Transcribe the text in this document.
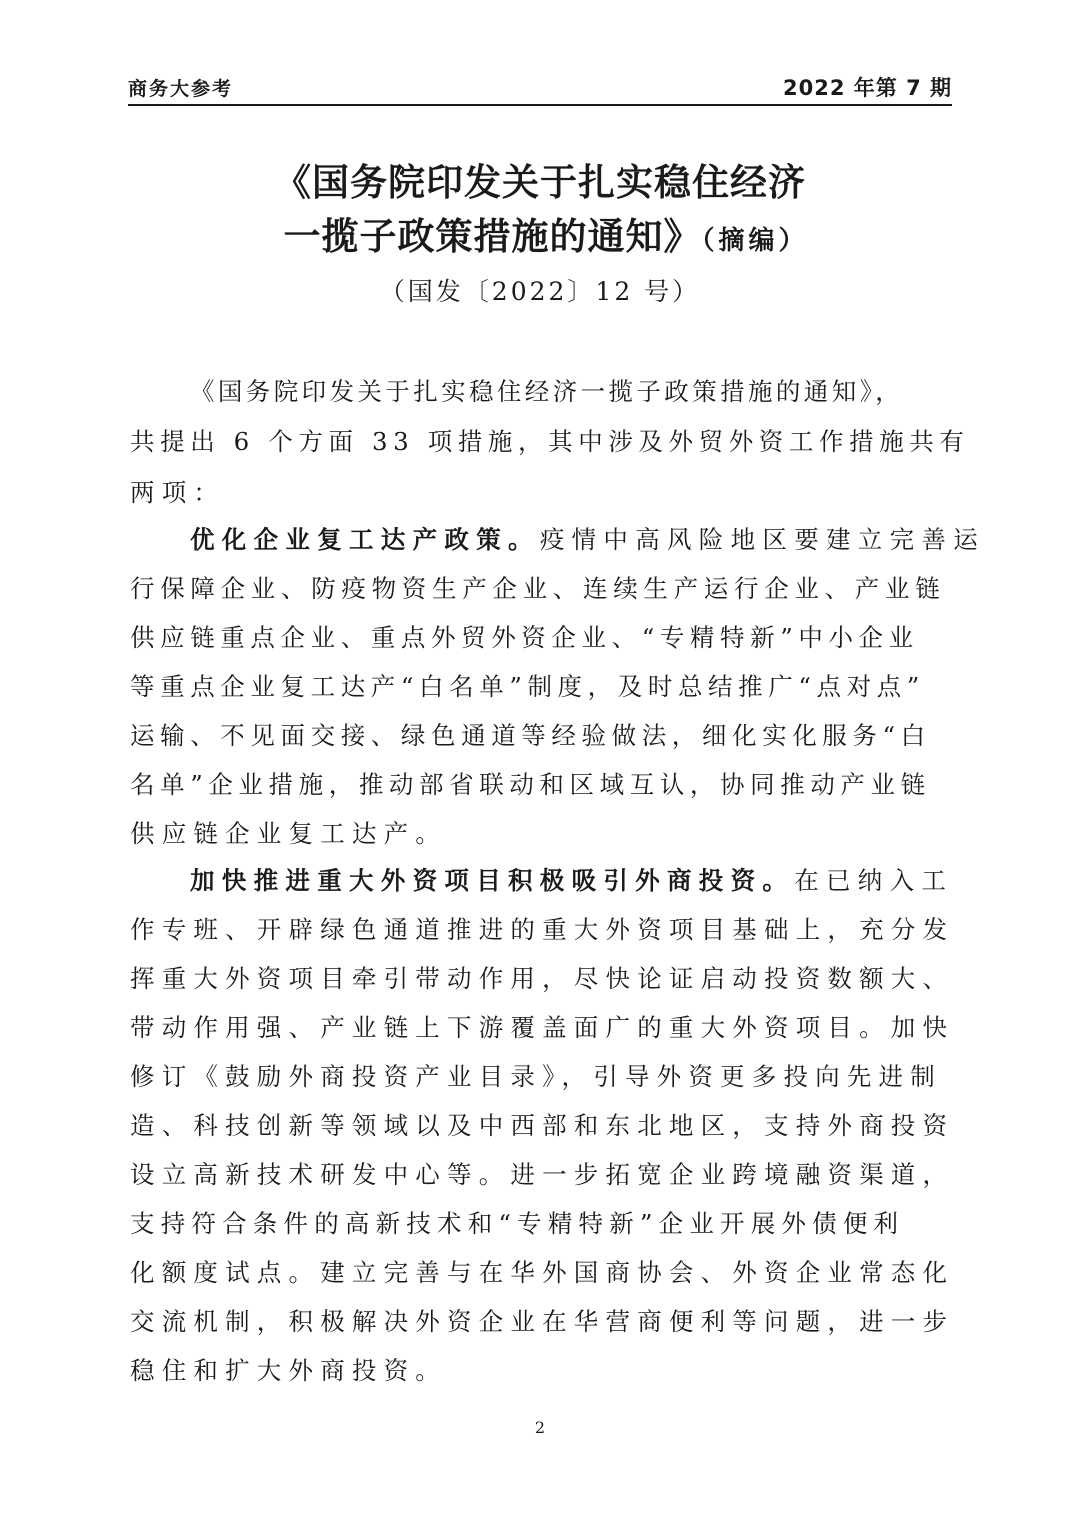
商务大参考	2022 年第 7 期
《国务院印发关于扎实稳住经济
一揽子政策措施的通知》（摘编）
（国发〔2022〕12 号）
《国务院印发关于扎实稳住经济一揽子政策措施的通知》，
共提出 6 个方面 33 项措施，其中涉及外贸外资工作措施共有
两项：
优化企业复工达产政策。疫情中高风险地区要建立完善运
行保障企业、防疫物资生产企业、连续生产运行企业、产业链
供应链重点企业、重点外贸外资企业、“专精特新”中小企业
等重点企业复工达产“白名单”制度，及时总结推广“点对点”
运输、不见面交接、绿色通道等经验做法，细化实化服务“白
名单”企业措施，推动部省联动和区域互认，协同推动产业链
供应链企业复工达产。
加快推进重大外资项目积极吸引外商投资。在已纳入工
作专班、开辟绿色通道推进的重大外资项目基础上，充分发
挥重大外资项目牵引带动作用，尽快论证启动投资数额大、
带动作用强、产业链上下游覆盖面广的重大外资项目。加快
修订《鼓励外商投资产业目录》，引导外资更多投向先进制
造、科技创新等领域以及中西部和东北地区，支持外商投资
设立高新技术研发中心等。进一步拓宽企业跨境融资渠道，
支持符合条件的高新技术和“专精特新”企业开展外债便利
化额度试点。建立完善与在华外国商协会、外资企业常态化
交流机制，积极解决外资企业在华营商便利等问题，进一步
稳住和扩大外商投资。
2
